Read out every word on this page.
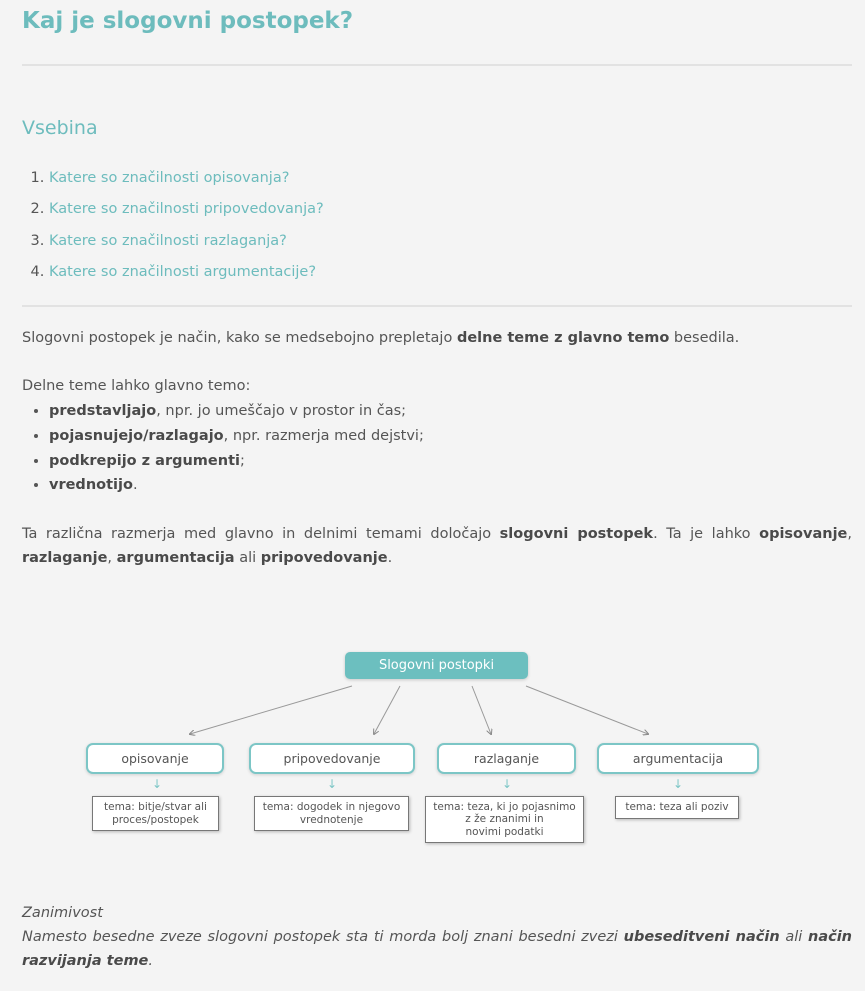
Kaj je slogovni postopek?
Vsebina
1. Katere so značilnosti opisovanja?
2. Katere so značilnosti pripovedovanja?
3. Katere so značilnosti razlaganja?
4. Katere so značilnosti argumentacije?

Slogovni postopek je način, kako se medsebojno prepletajo delne teme z glavno temo besedila.

Delne teme lahko glavno temo:

• predstavljajo, npr. jo umeščajo v prostor in čas;
• pojasnujejo/razlagajo, npr. razmerja med dejstvi;
• podkrepijo z argumenti;
• vrednotijo.

Ta različna razmerja med glavno in delnimi temami določajo slogovni postopek. Ta je lahko opisovanje, razlaganje, argumentacija ali pripovedovanje.

Zanimivost
Namesto besedne zveze slogovni postopek sta ti morda bolj znani besedni zvezi ubeseditveni način ali način razvijanja teme.

Slogovni postopki
opisovanje	pripovedovanje	razlaganje	argumentacija
↓	↓	↓	↓
tema: bitje/stvar ali
proces/postopek
tema: dogodek in njegovo
vrednotenje
tema: teza, ki jo pojasnimo
z že znanimi in
novimi podatki
tema: teza ali poziv
